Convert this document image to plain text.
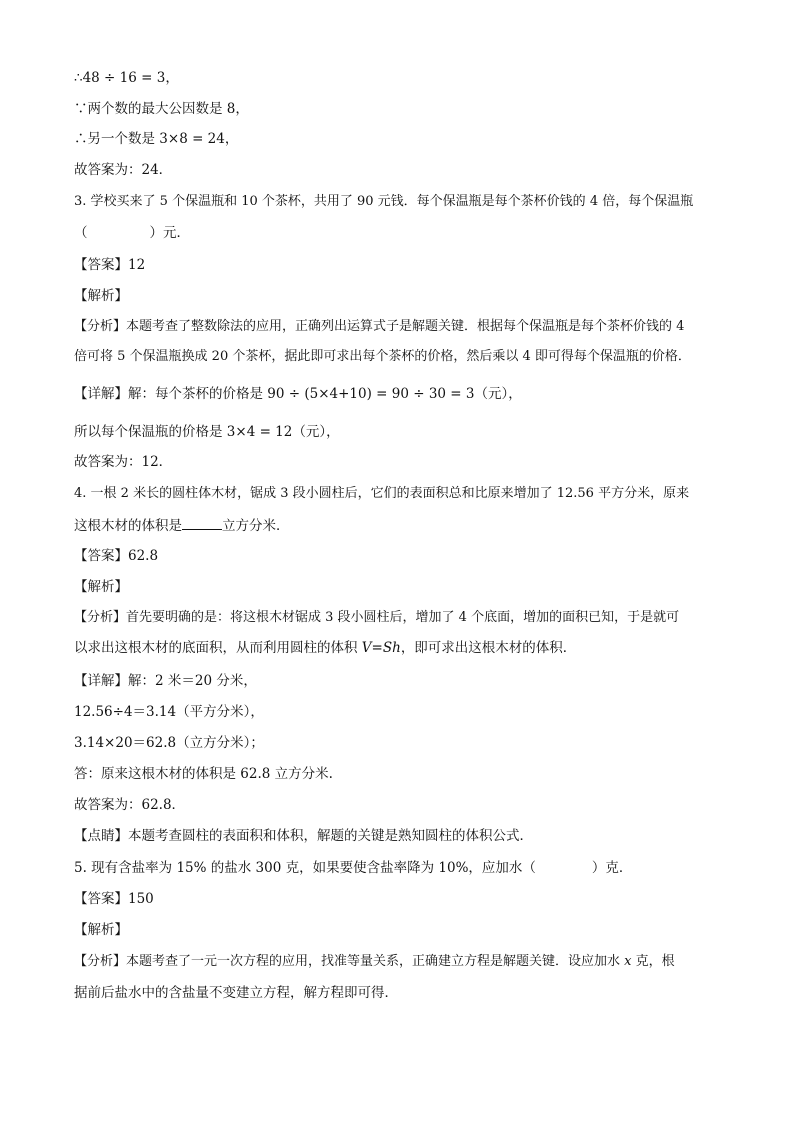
∴48 ÷ 16 = 3，
∵两个数的最大公因数是 8，
∴另一个数是 3×8 = 24，
故答案为：24．
3. 学校买来了 5 个保温瓶和 10 个茶杯，共用了 90 元钱．每个保温瓶是每个茶杯价钱的 4 倍，每个保温瓶
（	）元．
【答案】12
【解析】
【分析】本题考查了整数除法的应用，正确列出运算式子是解题关键．根据每个保温瓶是每个茶杯价钱的 4
倍可将 5 个保温瓶换成 20 个茶杯，据此即可求出每个茶杯的价格，然后乘以 4 即可得每个保温瓶的价格．
【详解】解：每个茶杯的价格是 90 ÷ (5×4+10) = 90 ÷ 30 = 3（元），
所以每个保温瓶的价格是 3×4 = 12（元），
故答案为：12．
4. 一根 2 米长的圆柱体木材，锯成 3 段小圆柱后，它们的表面积总和比原来增加了 12.56 平方分米，原来
这根木材的体积是	立方分米．
【答案】62.8
【解析】
【分析】首先要明确的是：将这根木材锯成 3 段小圆柱后，增加了 4 个底面，增加的面积已知，于是就可
以求出这根木材的底面积，从而利用圆柱的体积 V=Sh，即可求出这根木材的体积．
【详解】解：2 米＝20 分米，
12.56÷4＝3.14（平方分米），
3.14×20＝62.8（立方分米）；
答：原来这根木材的体积是 62.8 立方分米.
故答案为：62.8．
【点睛】本题考查圆柱的表面积和体积，解题的关键是熟知圆柱的体积公式．
5. 现有含盐率为 15% 的盐水 300 克，如果要使含盐率降为 10%，应加水（	）克．
【答案】150
【解析】
【分析】本题考查了一元一次方程的应用，找准等量关系，正确建立方程是解题关键．设应加水 x 克，根
据前后盐水中的含盐量不变建立方程，解方程即可得．
